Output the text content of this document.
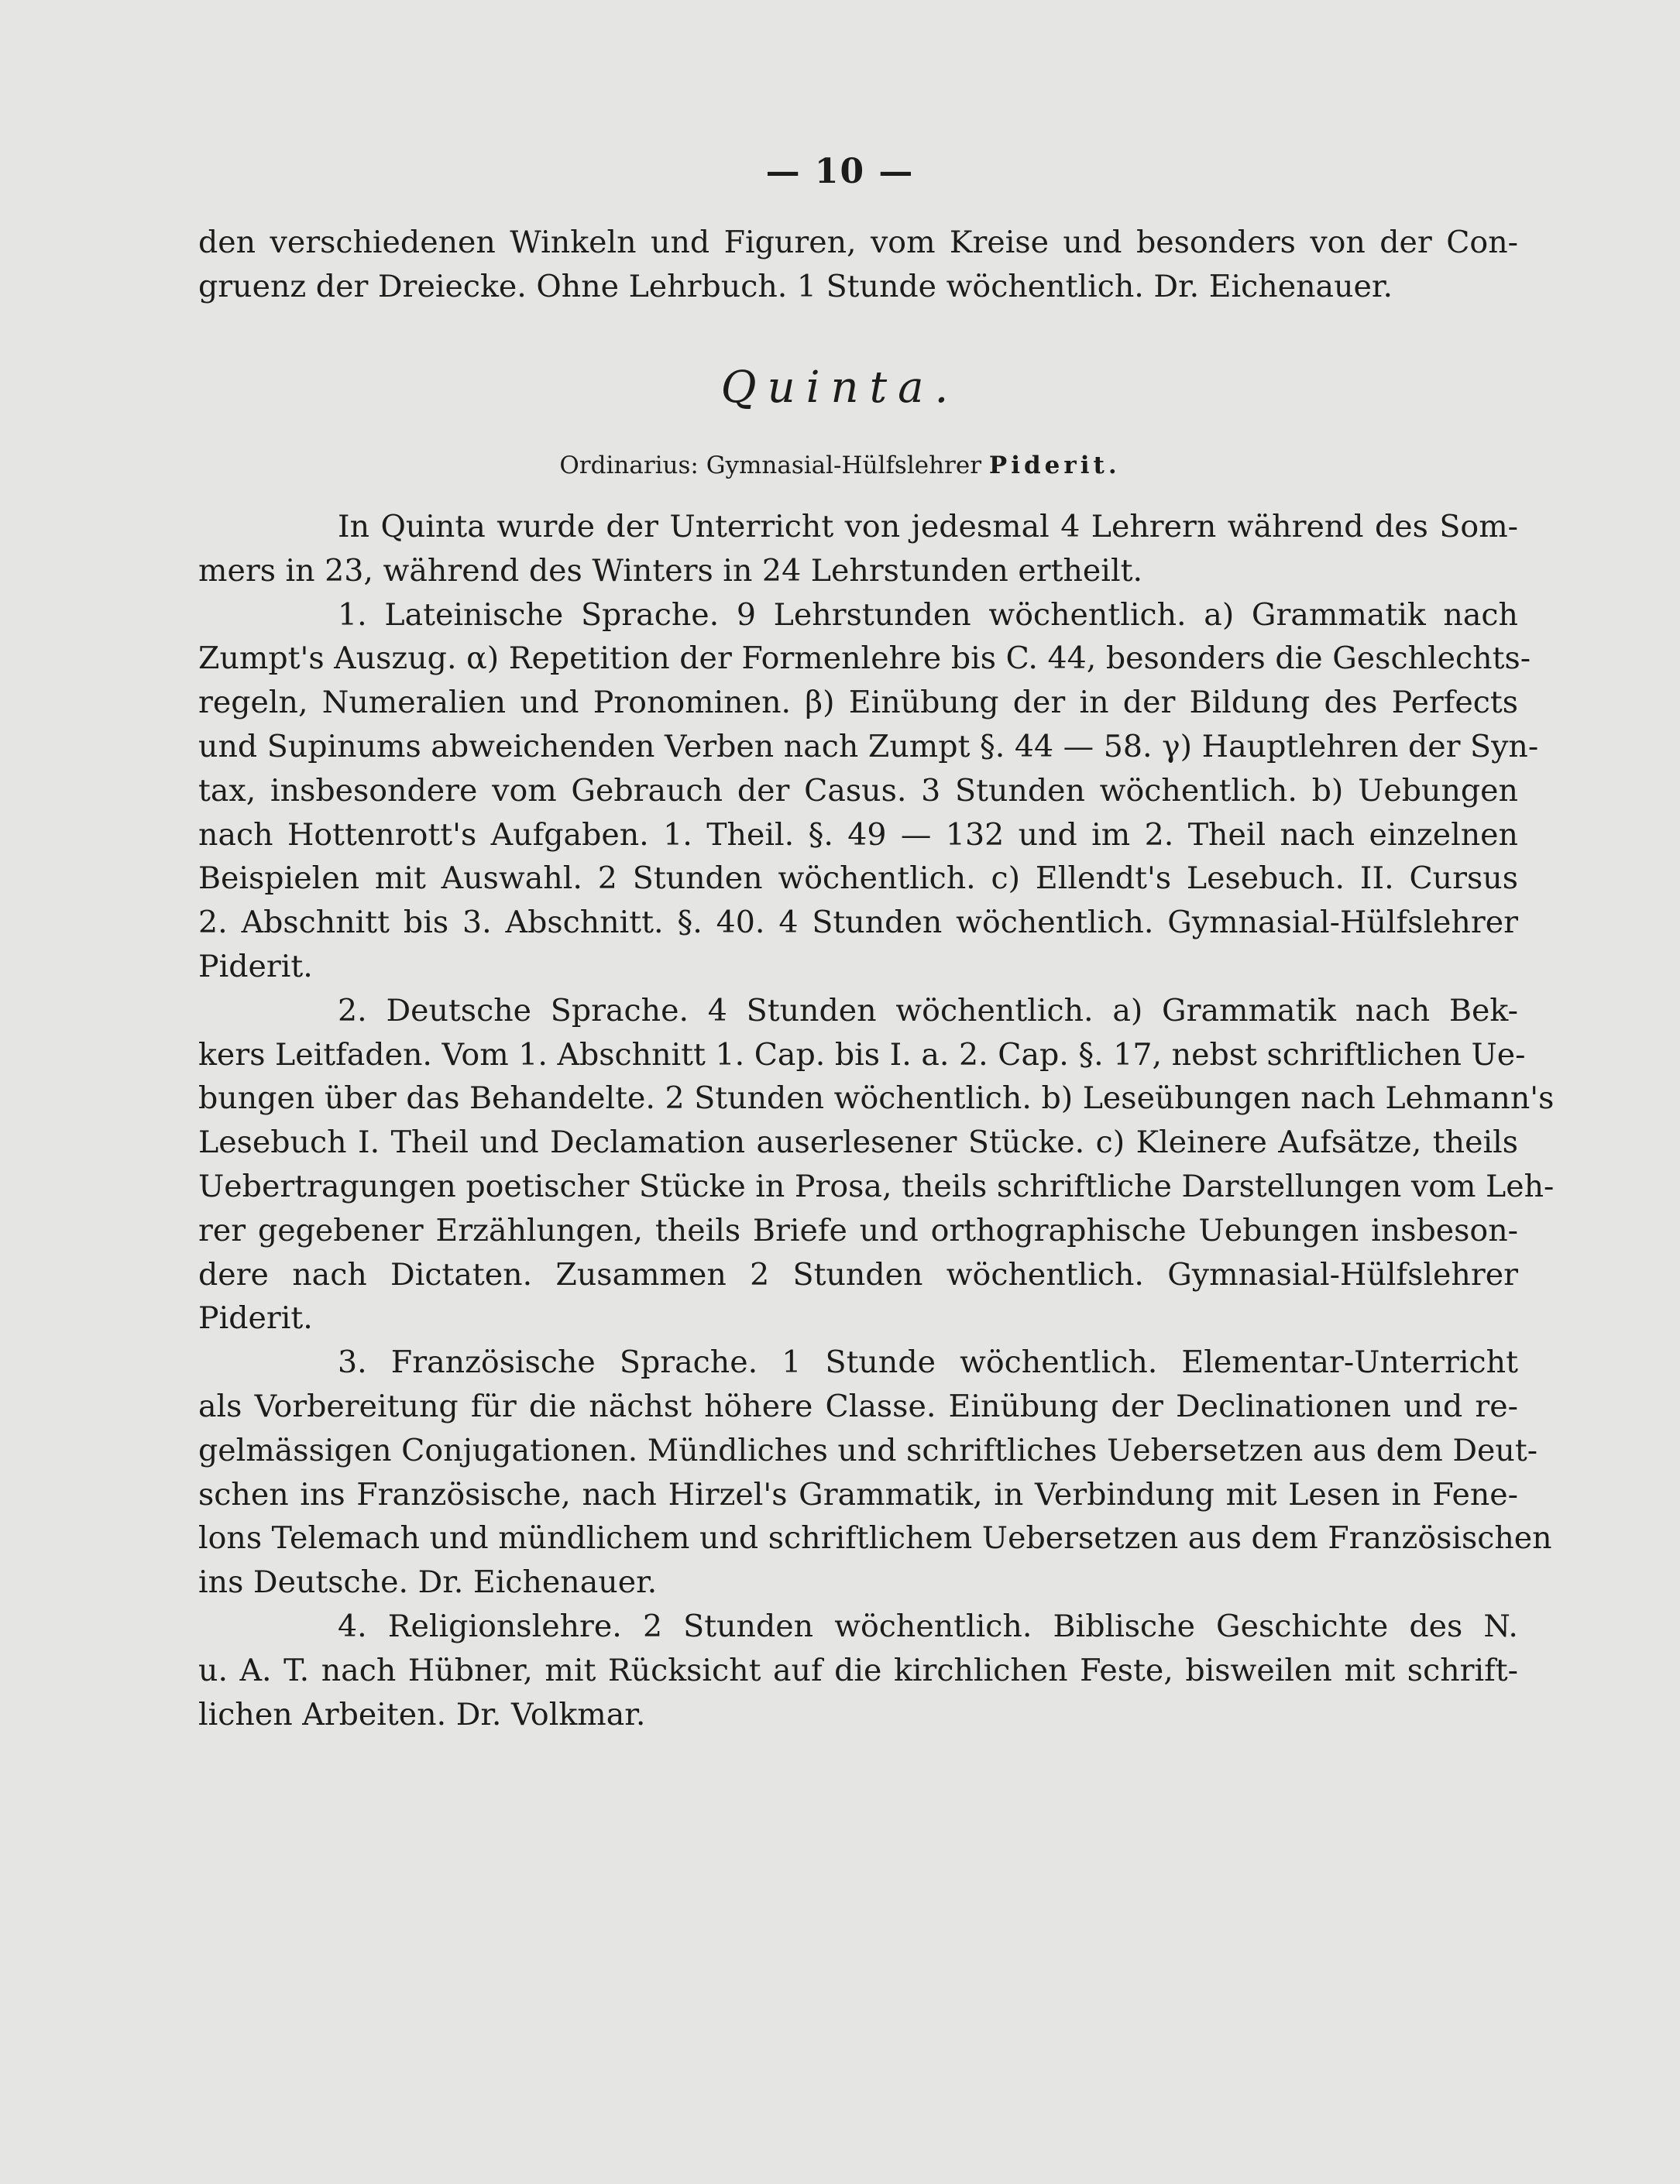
— 10 —
den verschiedenen Winkeln und Figuren, vom Kreise und besonders von der Con-
gruenz der Dreiecke. Ohne Lehrbuch. 1 Stunde wöchentlich. Dr. Eichenauer.
Quinta.
Ordinarius: Gymnasial-Hülfslehrer Piderit.
In Quinta wurde der Unterricht von jedesmal 4 Lehrern während des Som-
mers in 23, während des Winters in 24 Lehrstunden ertheilt.
1. Lateinische Sprache. 9 Lehrstunden wöchentlich. a) Grammatik nach
Zumpt's Auszug. α) Repetition der Formenlehre bis C. 44, besonders die Geschlechts-
regeln, Numeralien und Pronominen. β) Einübung der in der Bildung des Perfects
und Supinums abweichenden Verben nach Zumpt §. 44 — 58. γ) Hauptlehren der Syn-
tax, insbesondere vom Gebrauch der Casus. 3 Stunden wöchentlich. b) Uebungen
nach Hottenrott's Aufgaben. 1. Theil. §. 49 — 132 und im 2. Theil nach einzelnen
Beispielen mit Auswahl. 2 Stunden wöchentlich. c) Ellendt's Lesebuch. II. Cursus
2. Abschnitt bis 3. Abschnitt. §. 40. 4 Stunden wöchentlich. Gymnasial-Hülfslehrer
Piderit.
2. Deutsche Sprache. 4 Stunden wöchentlich. a) Grammatik nach Bek-
kers Leitfaden. Vom 1. Abschnitt 1. Cap. bis I. a. 2. Cap. §. 17, nebst schriftlichen Ue-
bungen über das Behandelte. 2 Stunden wöchentlich. b) Leseübungen nach Lehmann's
Lesebuch I. Theil und Declamation auserlesener Stücke. c) Kleinere Aufsätze, theils
Uebertragungen poetischer Stücke in Prosa, theils schriftliche Darstellungen vom Leh-
rer gegebener Erzählungen, theils Briefe und orthographische Uebungen insbeson-
dere nach Dictaten. Zusammen 2 Stunden wöchentlich. Gymnasial-Hülfslehrer
Piderit.
3. Französische Sprache. 1 Stunde wöchentlich. Elementar-Unterricht
als Vorbereitung für die nächst höhere Classe. Einübung der Declinationen und re-
gelmässigen Conjugationen. Mündliches und schriftliches Uebersetzen aus dem Deut-
schen ins Französische, nach Hirzel's Grammatik, in Verbindung mit Lesen in Fene-
lons Telemach und mündlichem und schriftlichem Uebersetzen aus dem Französischen
ins Deutsche. Dr. Eichenauer.
4. Religionslehre. 2 Stunden wöchentlich. Biblische Geschichte des N.
u. A. T. nach Hübner, mit Rücksicht auf die kirchlichen Feste, bisweilen mit schrift-
lichen Arbeiten. Dr. Volkmar.
